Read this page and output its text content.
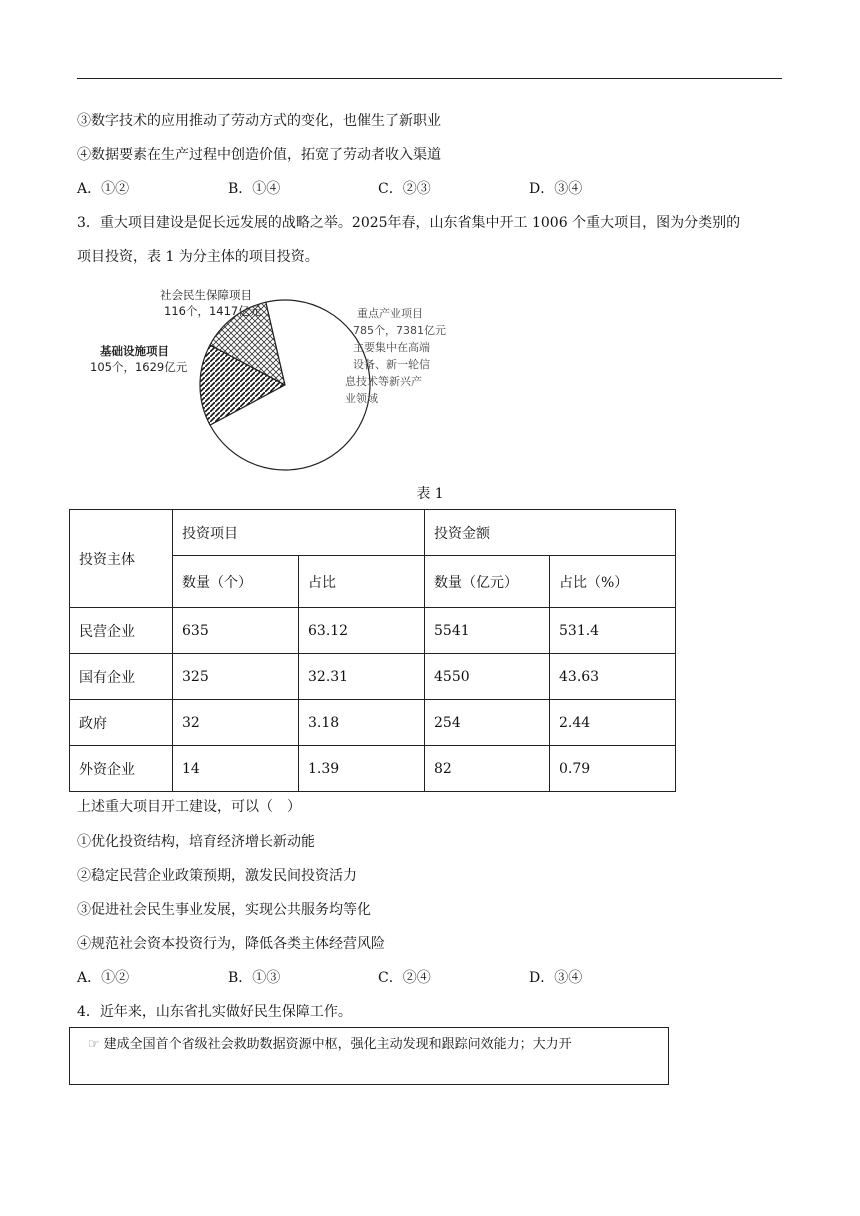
③数字技术的应用推动了劳动方式的变化，也催生了新职业
④数据要素在生产过程中创造价值，拓宽了劳动者收入渠道
A．①②	B．①④	C．②③	D．③④
3．重大项目建设是促长远发展的战略之举。2025年春，山东省集中开工 1006 个重大项目，图为分类别的
项目投资，表 1 为分主体的项目投资。
社会民生保障项目
116个，1417亿元
基础设施项目
105个，1629亿元
重点产业项目
785个，7381亿元
主要集中在高端
设备、新一轮信
息技术等新兴产
业领域
表 1
投资主体	投资项目		投资金额	
	数量（个）	占比	数量（亿元）	占比（%）
民营企业	635	63.12	5541	531.4
国有企业	325	32.31	4550	43.63
政府	32	3.18	254	2.44
外资企业	14	1.39	82	0.79
上述重大项目开工建设，可以（　）
①优化投资结构，培育经济增长新动能
②稳定民营企业政策预期，激发民间投资活力
③促进社会民生事业发展，实现公共服务均等化
④规范社会资本投资行为，降低各类主体经营风险
A．①②	B．①③	C．②④	D．③④
4．近年来，山东省扎实做好民生保障工作。
☞ 建成全国首个省级社会救助数据资源中枢，强化主动发现和跟踪问效能力；大力开
